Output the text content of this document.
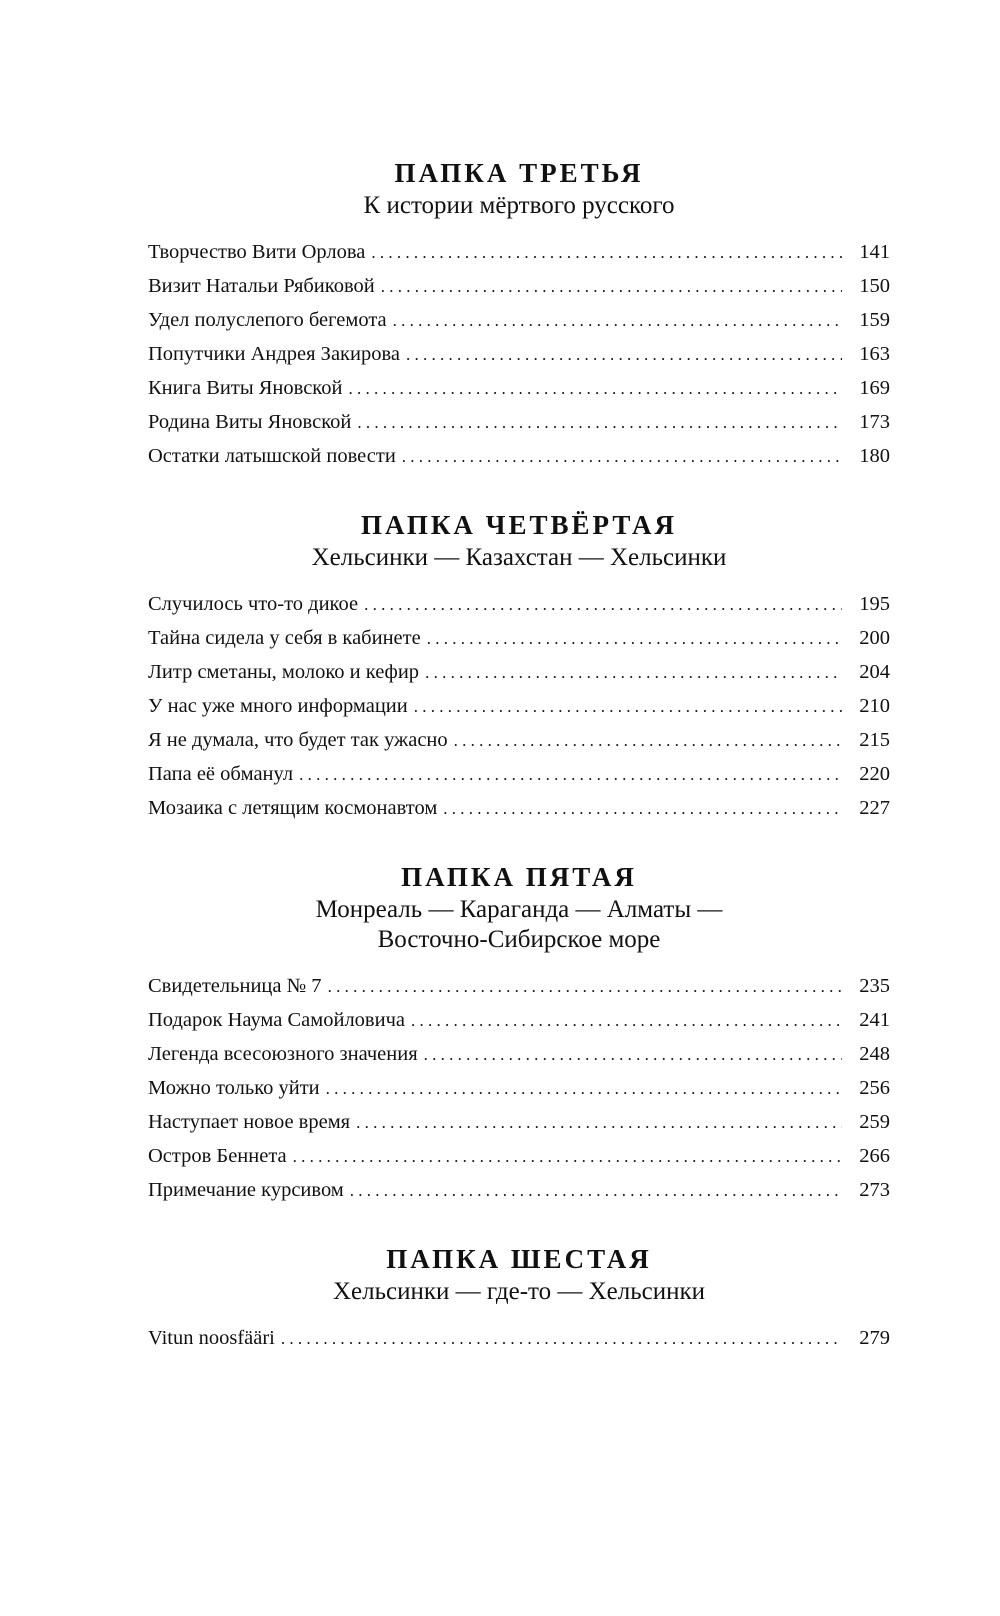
ПАПКА ТРЕТЬЯ

К истории мёртвого русского

Творчество Вити Орлова . . .	141
Визит Натальи Рябиковой . . .	150
Удел полуслепого бегемота . . .	159
Попутчики Андрея Закирова . . .	163
Книга Виты Яновской . . .	169
Родина Виты Яновской . . .	173
Остатки латышской повести . . .	180
ПАПКА ЧЕТВЁРТАЯ

Хельсинки — Казахстан — Хельсинки

Случилось что-то дикое . . .	195
Тайна сидела у себя в кабинете . . .	200
Литр сметаны, молоко и кефир . . .	204
У нас уже много информации . . .	210
Я не думала, что будет так ужасно . . .	215
Папа её обманул . . .	220
Мозаика с летящим космонавтом . . .	227
ПАПКА ПЯТАЯ

Монреаль — Караганда — Алматы —

Восточно-Сибирское море

Свидетельница № 7 . . .	235
Подарок Наума Самойловича . . .	241
Легенда всесоюзного значения . . .	248
Можно только уйти . . .	256
Наступает новое время . . .	259
Остров Беннета . . .	266
Примечание курсивом . . .	273
ПАПКА ШЕСТАЯ

Хельсинки — где-то — Хельсинки

Vitun noosfääri . . .	279
